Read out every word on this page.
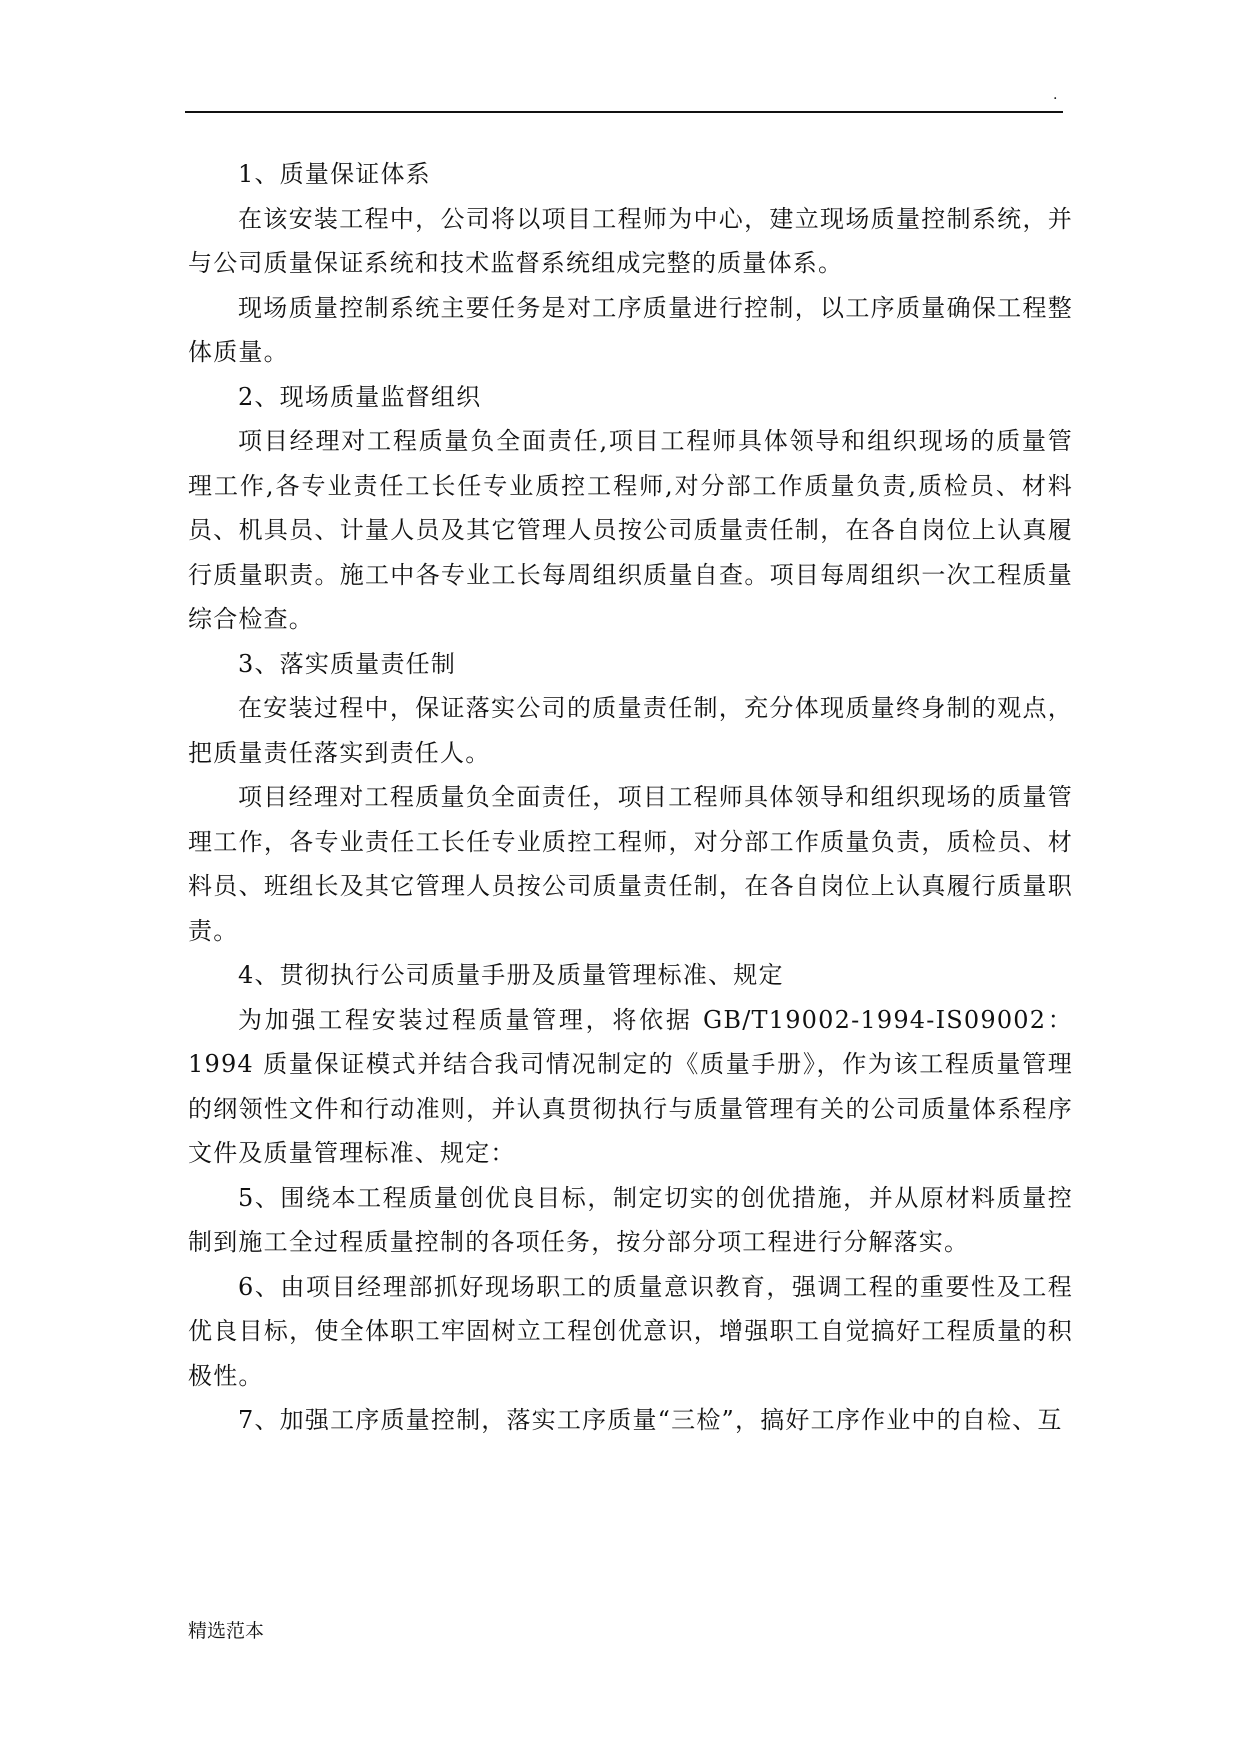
.

1、质量保证体系

在该安装工程中，公司将以项目工程师为中心，建立现场质量控制系统，并与公司质量保证系统和技术监督系统组成完整的质量体系。

现场质量控制系统主要任务是对工序质量进行控制，以工序质量确保工程整体质量。

2、现场质量监督组织

项目经理对工程质量负全面责任,项目工程师具体领导和组织现场的质量管理工作,各专业责任工长任专业质控工程师,对分部工作质量负责,质检员、材料员、机具员、计量人员及其它管理人员按公司质量责任制，在各自岗位上认真履行质量职责。施工中各专业工长每周组织质量自查。项目每周组织一次工程质量综合检查。

3、落实质量责任制

在安装过程中，保证落实公司的质量责任制，充分体现质量终身制的观点，把质量责任落实到责任人。

项目经理对工程质量负全面责任，项目工程师具体领导和组织现场的质量管理工作，各专业责任工长任专业质控工程师，对分部工作质量负责，质检员、材料员、班组长及其它管理人员按公司质量责任制，在各自岗位上认真履行质量职责。

4、贯彻执行公司质量手册及质量管理标准、规定

为加强工程安装过程质量管理，将依据 GB/T19002-1994-IS09002：1994 质量保证模式并结合我司情况制定的《质量手册》，作为该工程质量管理的纲领性文件和行动准则，并认真贯彻执行与质量管理有关的公司质量体系程序文件及质量管理标准、规定：

5、围绕本工程质量创优良目标，制定切实的创优措施，并从原材料质量控制到施工全过程质量控制的各项任务，按分部分项工程进行分解落实。

6、由项目经理部抓好现场职工的质量意识教育，强调工程的重要性及工程优良目标，使全体职工牢固树立工程创优意识，增强职工自觉搞好工程质量的积极性。

7、加强工序质量控制，落实工序质量“三检”，搞好工序作业中的自检、互

精选范本
